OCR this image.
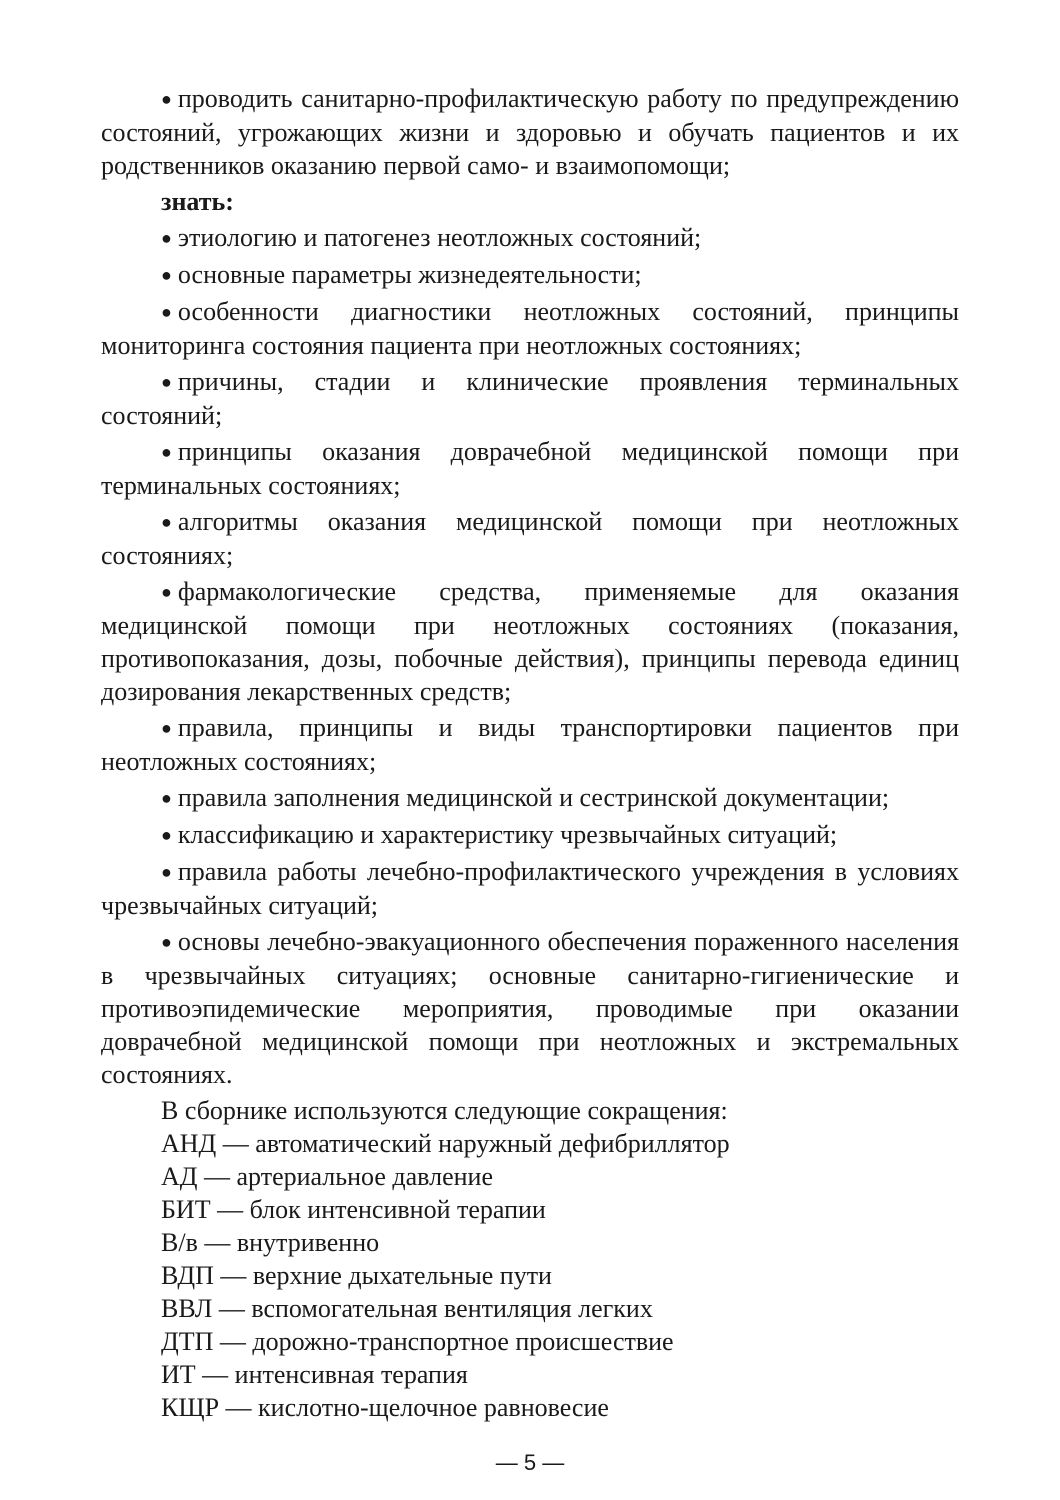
● проводить санитарно-профилактическую работу по предупреждению состояний, угрожающих жизни и здоровью и обучать пациентов и их родственников оказанию первой само- и взаимопомощи;

знать:

● этиологию и патогенез неотложных состояний;

● основные параметры жизнедеятельности;

● особенности диагностики неотложных состояний, принципы мониторинга состояния пациента при неотложных состояниях;

● причины, стадии и клинические проявления терминальных состояний;

● принципы оказания доврачебной медицинской помощи при терминальных состояниях;

● алгоритмы оказания медицинской помощи при неотложных состояниях;

● фармакологические средства, применяемые для оказания медицинской помощи при неотложных состояниях (показания, противопоказания, дозы, побочные действия), принципы перевода единиц дозирования лекарственных средств;

● правила, принципы и виды транспортировки пациентов при неотложных состояниях;

● правила заполнения медицинской и сестринской документации;

● классификацию и характеристику чрезвычайных ситуаций;

● правила работы лечебно-профилактического учреждения в условиях чрезвычайных ситуаций;

● основы лечебно-эвакуационного обеспечения пораженного населения в чрезвычайных ситуациях; основные санитарно-гигиенические и противоэпидемические мероприятия, проводимые при оказании доврачебной медицинской помощи при неотложных и экстремальных состояниях.

В сборнике используются следующие сокращения:

АНД — автоматический наружный дефибриллятор
АД — артериальное давление
БИТ — блок интенсивной терапии
В/в — внутривенно
ВДП — верхние дыхательные пути
ВВЛ — вспомогательная вентиляция легких
ДТП — дорожно-транспортное происшествие
ИТ — интенсивная терапия
КЩР — кислотно-щелочное равновесие
— 5 —
